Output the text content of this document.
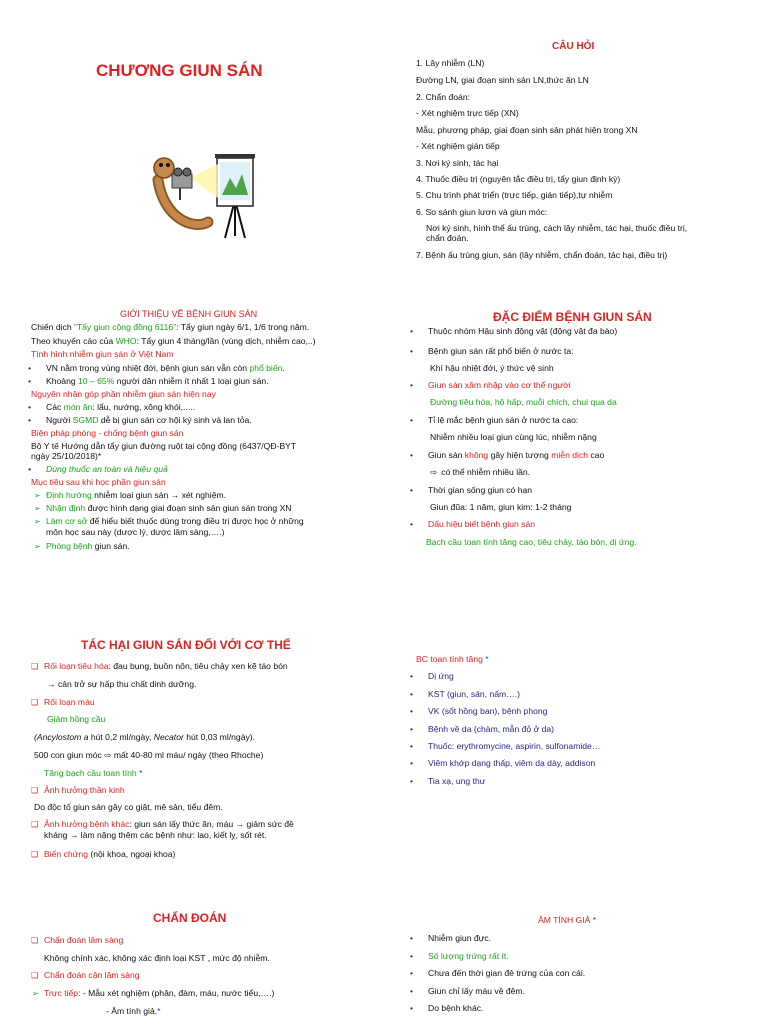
CHƯƠNG GIUN SÁN
CÂU HỎI
1. Lây nhiễm (LN)
Đường LN, giai đoạn sinh sản LN,thức ăn LN
2. Chẩn đoán:
- Xét nghiệm trực tiếp (XN)
Mẫu, phương pháp, giai đoạn sinh sản phát hiện trong XN
- Xét nghiệm gián tiếp
3. Nơi ký sinh, tác hại
4. Thuốc điều trị (nguyên tắc điều trị, tẩy giun định kỳ)
5. Chu trình phát triển (trực tiếp, gián tiếp),tự nhiễm
6. So sánh giun lươn và giun móc:
Nơi ký sinh, hình thể ấu trùng, cách lây nhiễm, tác hại, thuốc điều trị,
chẩn đoán.
7. Bệnh ấu trùng giun, sán (lây nhiễm, chẩn đoán, tác hại, điều trị)
GIỚI THIỆU VỀ BỆNH GIUN SÁN
Chiến dịch “Tẩy giun cộng đồng 6116”: Tẩy giun ngày 6/1, 1/6 trong năm.
Theo khuyến cáo của WHO: Tẩy giun 4 tháng/lần (vùng dịch, nhiễm cao,..)
Tình hình nhiễm giun sán ở Việt Nam
• VN nằm trong vùng nhiệt đới, bệnh giun sán vẫn còn phổ biến.
• Khoảng 10 – 65% người dân nhiễm ít nhất 1 loại giun sán.
Nguyên nhân góp phần nhiễm giun sán hiện nay
• Các món ăn: lẩu, nướng, xông khói,.....
• Người SGMD dễ bị giun sán cơ hội ký sinh và lan tỏa.
Biện pháp phòng - chống bệnh giun sán
Bộ Y tế Hướng dẫn tẩy giun đường ruột tại cộng đồng (6437/QĐ-BYT
ngày 25/10/2018)*
• Dùng thuốc an toàn và hiệu quả
Mục tiêu sau khi học phần giun sán
➢ Định hướng nhiễm loại giun sán → xét nghiệm.
➢ Nhận định được hình dạng giai đoạn sinh sản giun sán trong XN
➢ Làm cơ sở để hiểu biết thuốc dùng trong điều trị được học ở những
môn học sau này (dược lý, dược lâm sàng,….)
➢ Phòng bệnh giun sán.
ĐẶC ĐIỂM BỆNH GIUN SÁN
• Thuộc nhóm Hậu sinh động vật (động vật đa bào)
• Bệnh giun sán rất phổ biến ở nước ta:
Khí hậu nhiệt đới, ý thức vệ sinh
• Giun sán xâm nhập vào cơ thể người
Đường tiêu hóa, hô hấp, muỗi chích, chui qua da
• Tỉ lệ mắc bệnh giun sán ở nước ta cao:
Nhiễm nhiều loại giun cùng lúc, nhiễm nặng
• Giun sán không gây hiện tượng miễn dịch cao
⇨ có thể nhiễm nhiều lần.
• Thời gian sống giun có hạn
Giun đũa: 1 năm, giun kim: 1-2 tháng
• Dấu hiệu biết bệnh giun sán
Bạch cầu toan tính tăng cao, tiêu chảy, táo bón, dị ứng.
TÁC HẠI GIUN SÁN ĐỐI VỚI CƠ THỂ
❑ Rối loạn tiêu hóa: đau bụng, buồn nôn, tiêu chảy xen kẽ táo bón
→ cản trở sự hấp thu chất dinh dưỡng.
❑ Rối loạn máu
Giảm hồng cầu
(Ancylostom a hút 0,2 ml/ngày, Necator hút 0,03 ml/ngày).
500 con giun móc ⇨ mất 40-80 ml máu/ ngày (theo Rhoche)
Tăng bạch cầu toan tính *
❑ Ảnh hưởng thần kinh
Do độc tố giun sán gây co giật, mê sản, tiểu đêm.
❑ Ảnh hưởng bệnh khác: giun sán lấy thức ăn, máu → giảm sức đề
kháng → làm nặng thêm các bệnh như: lao, kiết lỵ, sốt rét.
❑ Biến chứng (nội khoa, ngoại khoa)
BC toan tính tăng *
• Dị ứng
• KST (giun, sán, nấm….)
• VK (sốt hồng ban), bệnh phong
• Bệnh về da (chàm, mẫn đỏ ở da)
• Thuốc: erythromycine, aspirin, sulfonamide…
• Viêm khớp dạng thấp, viêm dạ dày, addison
• Tia xạ, ung thư
CHẨN ĐOÁN
❑ Chẩn đoán lâm sàng
Không chính xác, không xác định loại KST , mức độ nhiễm.
❑ Chẩn đoán cận lâm sàng
➢ Trực tiếp: - Mẫu xét nghiệm (phân, đàm, máu, nước tiểu,….)
- Âm tính giả.*
ÂM TÍNH GIẢ *
• Nhiễm giun đực.
• Số lượng trứng rất ít.
• Chưa đến thời gian đẻ trứng của con cái.
• Giun chỉ lấy máu về đêm.
• Do bệnh khác.
